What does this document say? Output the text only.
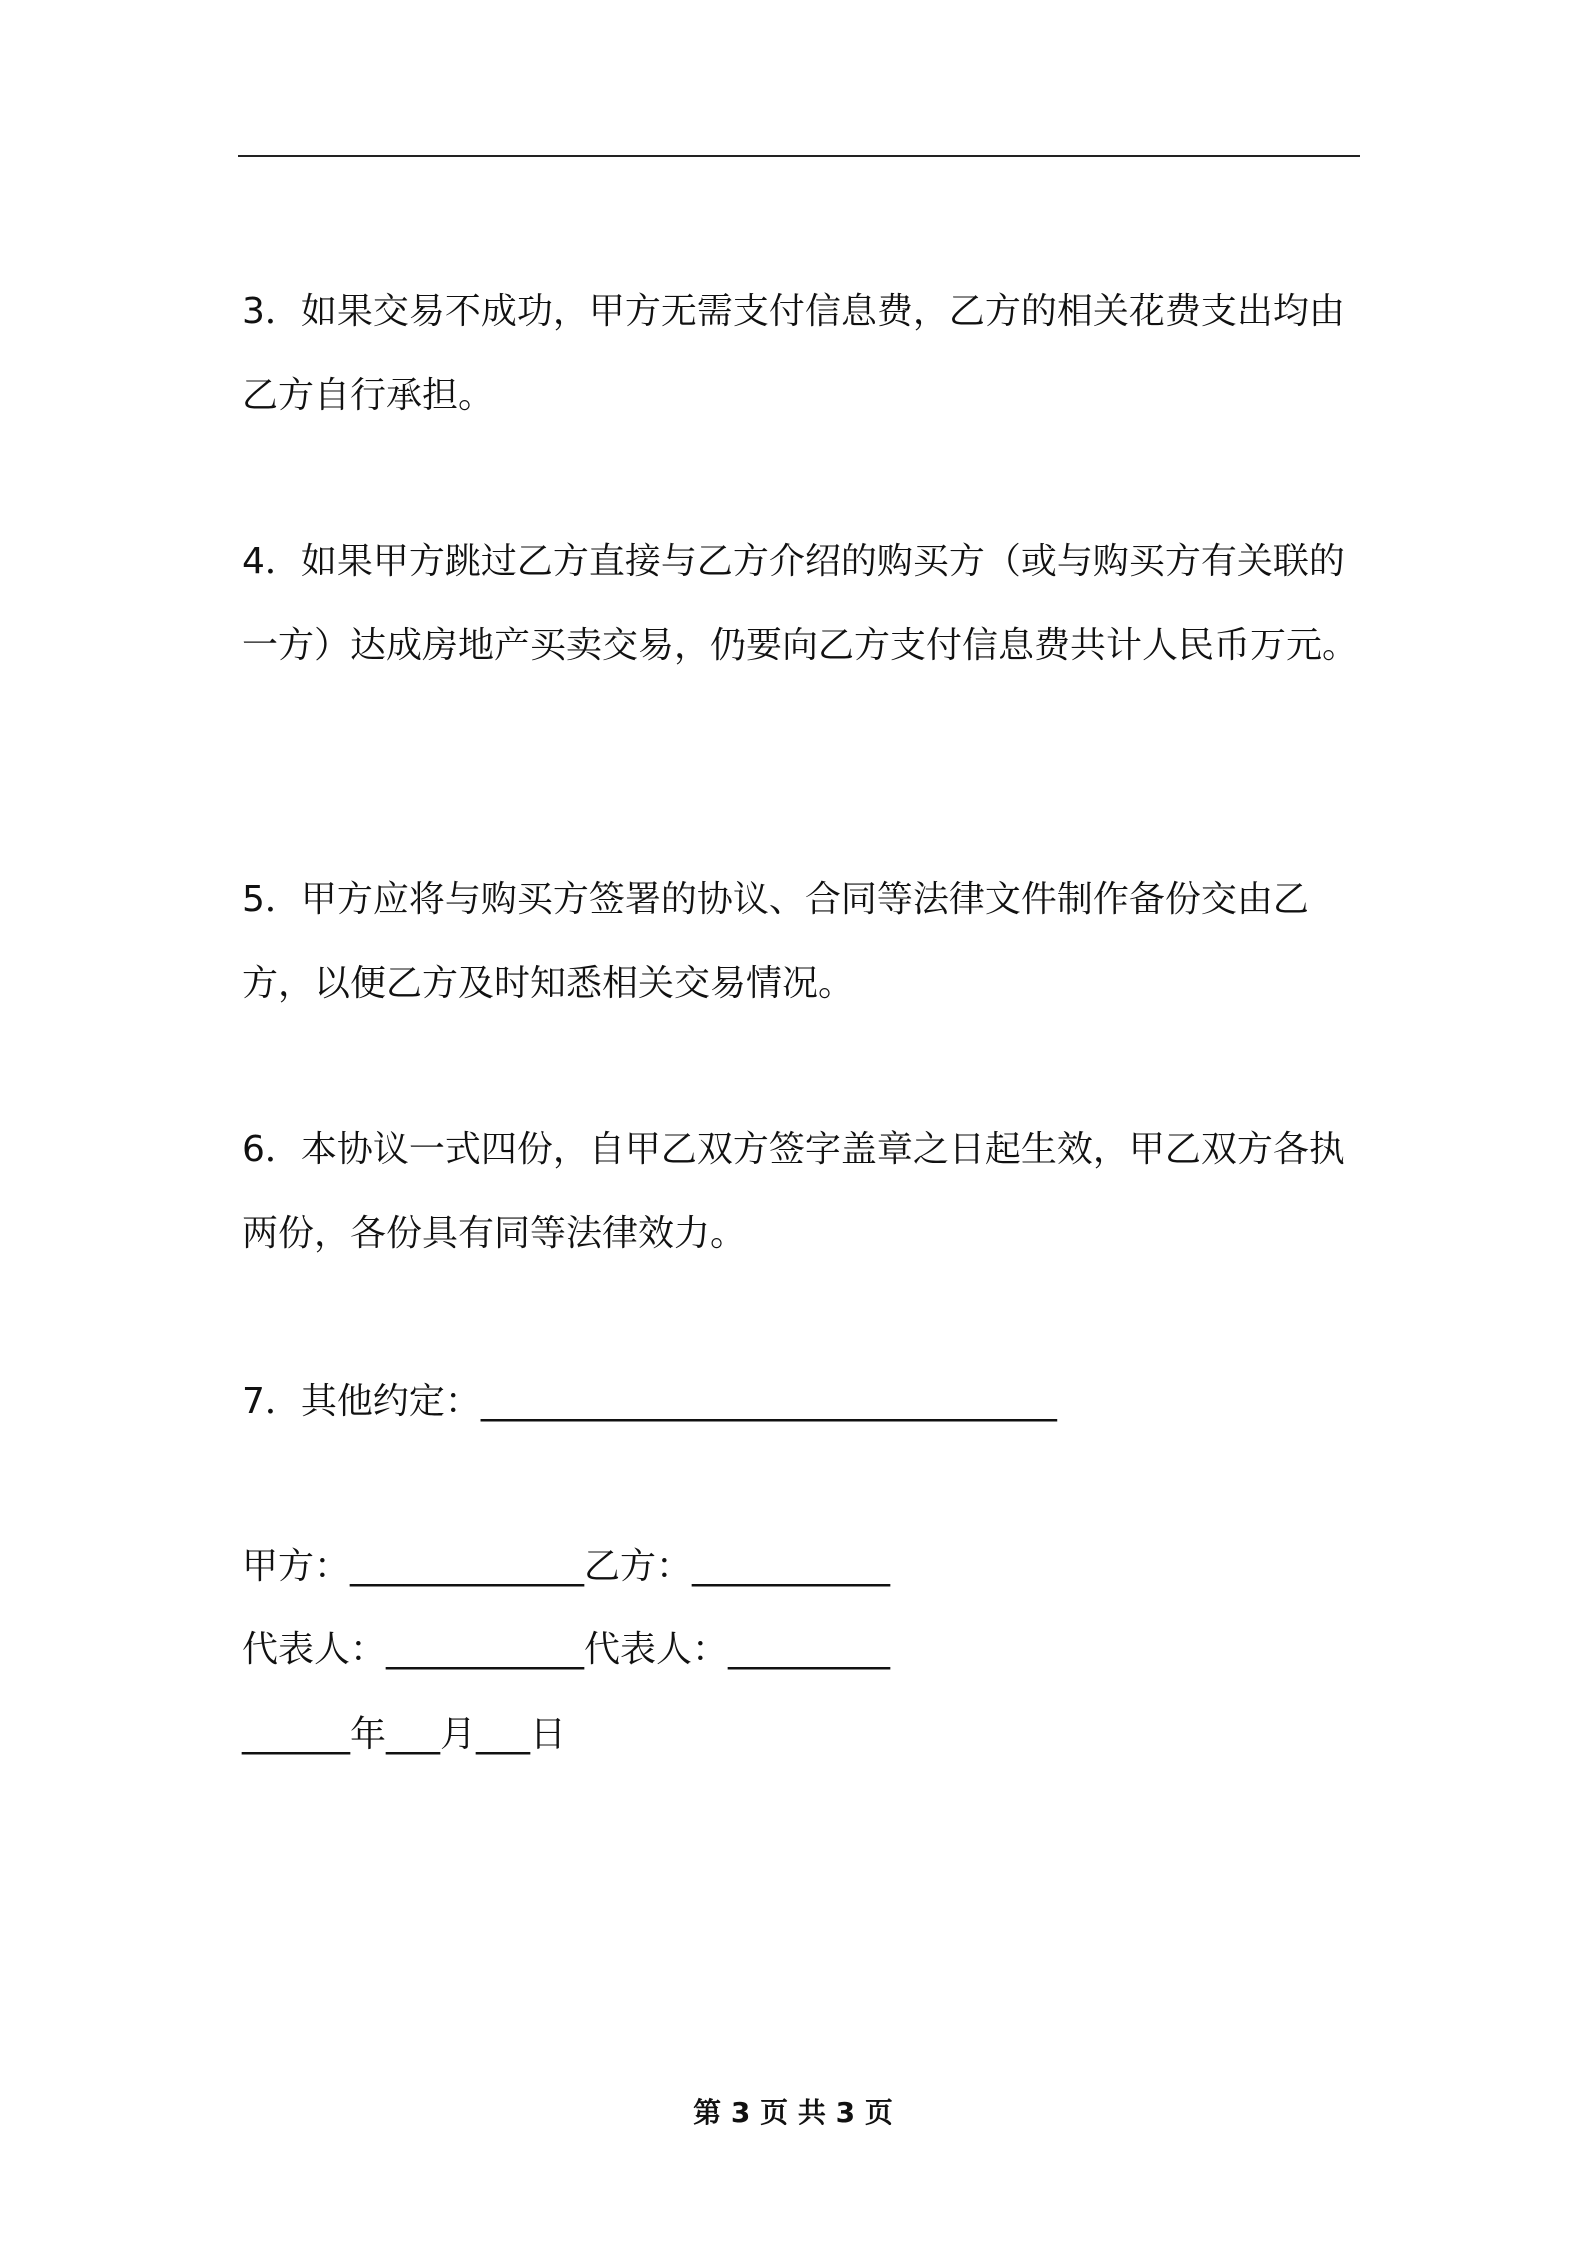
3．如果交易不成功，甲方无需支付信息费，乙方的相关花费支出均由乙方自行承担。

4．如果甲方跳过乙方直接与乙方介绍的购买方（或与购买方有关联的一方）达成房地产买卖交易，仍要向乙方支付信息费共计人民币万元。

5．甲方应将与购买方签署的协议、合同等法律文件制作备份交由乙方，以便乙方及时知悉相关交易情况。

6．本协议一式四份，自甲乙双方签字盖章之日起生效，甲乙双方各执两份，各份具有同等法律效力。

7．其他约定：________________________________

甲方：_____________乙方：___________

代表人：___________代表人：_________

______年___月___日

第 3 页 共 3 页
